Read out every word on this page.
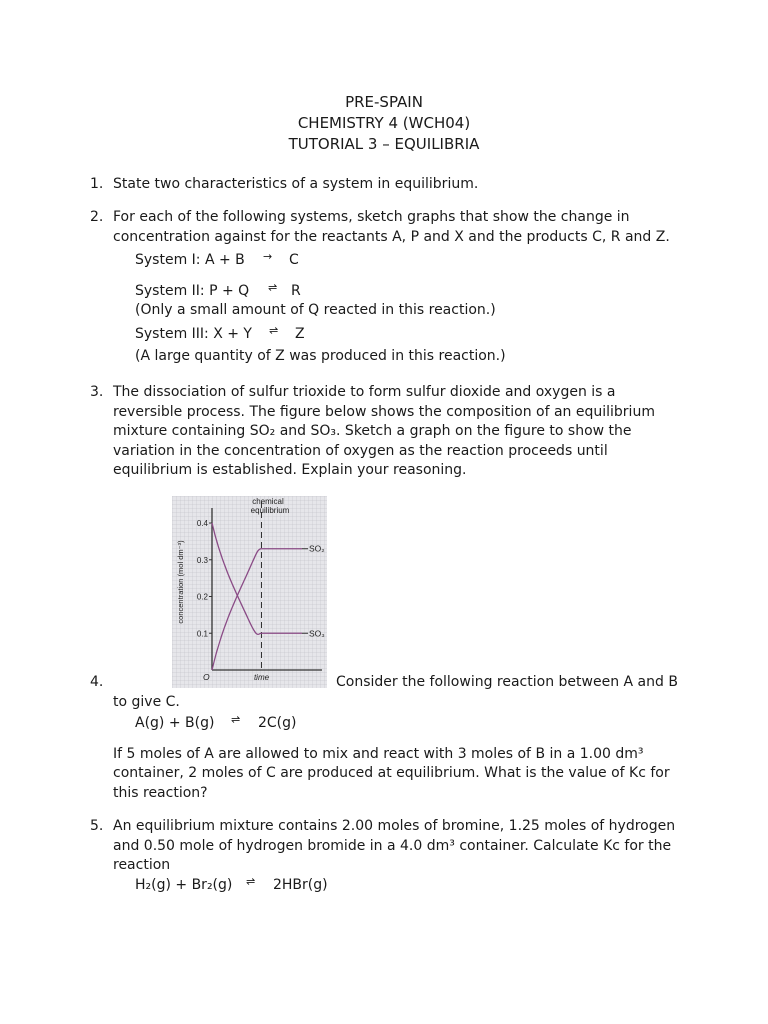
PRE-SPAIN
CHEMISTRY 4 (WCH04)
TUTORIAL 3 – EQUILIBRIA
1. State two characteristics of a system in equilibrium.
2. For each of the following systems, sketch graphs that show the change in
concentration against for the reactants A, P and X and the products C, R and Z.
System I: A + B → C
System II: P + Q ⇌ R
(Only a small amount of Q reacted in this reaction.)
System III: X + Y ⇌ Z
(A large quantity of Z was produced in this reaction.)
3. The dissociation of sulfur trioxide to form sulfur dioxide and oxygen is a
reversible process. The figure below shows the composition of an equilibrium
mixture containing SO₂ and SO₃. Sketch a graph on the figure to show the
variation in the concentration of oxygen as the reaction proceeds until
equilibrium is established. Explain your reasoning.
0.1
0.2
0.3
0.4
concentration (mol dm⁻³)
time
O
chemical
equilibrium
SO₂
SO₃
4.	Consider the following reaction between A and B
to give C.
A(g) + B(g) ⇌ 2C(g)
If 5 moles of A are allowed to mix and react with 3 moles of B in a 1.00 dm³
container, 2 moles of C are produced at equilibrium. What is the value of Kc for
this reaction?
5. An equilibrium mixture contains 2.00 moles of bromine, 1.25 moles of hydrogen
and 0.50 mole of hydrogen bromide in a 4.0 dm³ container. Calculate Kc for the
reaction
H₂(g) + Br₂(g) ⇌ 2HBr(g)
